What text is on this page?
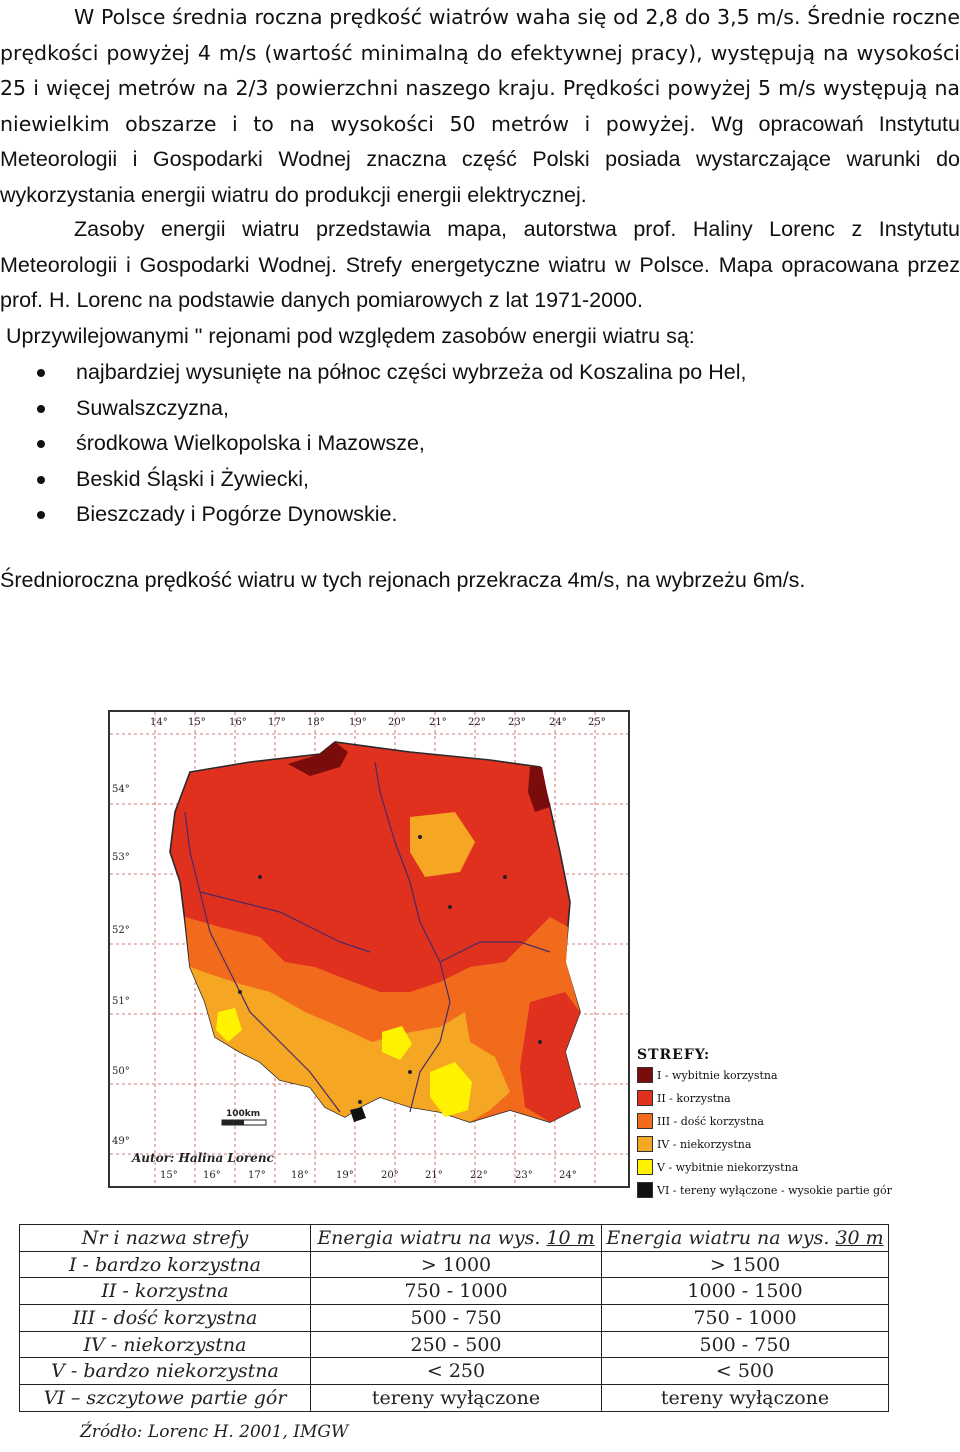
W Polsce średnia roczna prędkość wiatrów waha się od 2,8 do 3,5 m/s. Średnie roczne prędkości powyżej 4 m/s (wartość minimalną do efektywnej pracy), występują na wysokości 25 i więcej metrów na 2/3 powierzchni naszego kraju. Prędkości powyżej 5 m/s występują na niewielkim obszarze i to na wysokości 50 metrów i powyżej. Wg opracowań Instytutu Meteorologii i Gospodarki Wodnej znaczna część Polski posiada wystarczające warunki do wykorzystania energii wiatru do produkcji energii elektrycznej.
Zasoby energii wiatru przedstawia mapa, autorstwa prof. Haliny Lorenc z Instytutu Meteorologii i Gospodarki Wodnej. Strefy energetyczne wiatru w Polsce. Mapa opracowana przez prof. H. Lorenc na podstawie danych pomiarowych z lat 1971-2000.
Uprzywilejowanymi " rejonami pod względem zasobów energii wiatru są:
najbardziej wysunięte na północ części wybrzeża od Koszalina po Hel,
Suwalszczyzna,
środkowa Wielkopolska i Mazowsze,
Beskid Śląski i Żywiecki,
Bieszczady i Pogórze Dynowskie.
Średnioroczna prędkość wiatru w tych rejonach przekracza 4m/s, na wybrzeżu 6m/s.
100km
Autor: Halina Lorenc
14° 15° 16° 17° 18° 19° 20° 21° 22° 23° 24° 25°
15°	16°	17°	18°	19°	20°	21°	22°	23°	24°
54°
53°
52°
51°
50°
49°
STREFY:
I - wybitnie korzystna
II - korzystna
III - dość korzystna
IV - niekorzystna
V - wybitnie niekorzystna
VI - tereny wyłączone - wysokie partie gór
Nr i nazwa strefy	Energia wiatru na wys. 10 m	Energia wiatru na wys. 30 m
I - bardzo korzystna	> 1000	> 1500
II - korzystna	750 - 1000	1000 - 1500
III - dość korzystna	500 - 750	750 - 1000
IV - niekorzystna	250 - 500	500 - 750
V - bardzo niekorzystna	< 250	< 500
VI – szczytowe partie gór	tereny wyłączone	tereny wyłączone
Źródło: Lorenc H. 2001, IMGW
